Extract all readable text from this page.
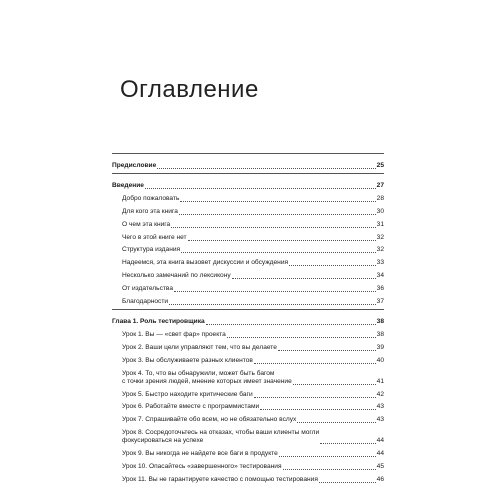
Оглавление
Предисловие	25
Введение	27
Добро пожаловать	28
Для кого эта книга	30
О чем эта книга	31
Чего в этой книге нет	32
Структура издания	32
Надеемся, эта книга вызовет дискуссии и обсуждения	33
Несколько замечаний по лексикону	34
От издательства	36
Благодарности	37
Глава 1. Роль тестировщика	38
Урок 1. Вы — «свет фар» проекта	38
Урок 2. Ваши цели управляют тем, что вы делаете	39
Урок 3. Вы обслуживаете разных клиентов	40
Урок 4. То, что вы обнаружили, может быть багом
с точки зрения людей, мнение которых имеет значение	41
Урок 5. Быстро находите критические баги	42
Урок 6. Работайте вместе с программистами	43
Урок 7. Спрашивайте обо всем, но не обязательно вслух	43
Урок 8. Сосредоточьтесь на отказах, чтобы ваши клиенты могли
фокусироваться на успехе	44
Урок 9. Вы никогда не найдете все баги в продукте	44
Урок 10. Опасайтесь «завершенного» тестирования	45
Урок 11. Вы не гарантируете качество с помощью тестирования	46
